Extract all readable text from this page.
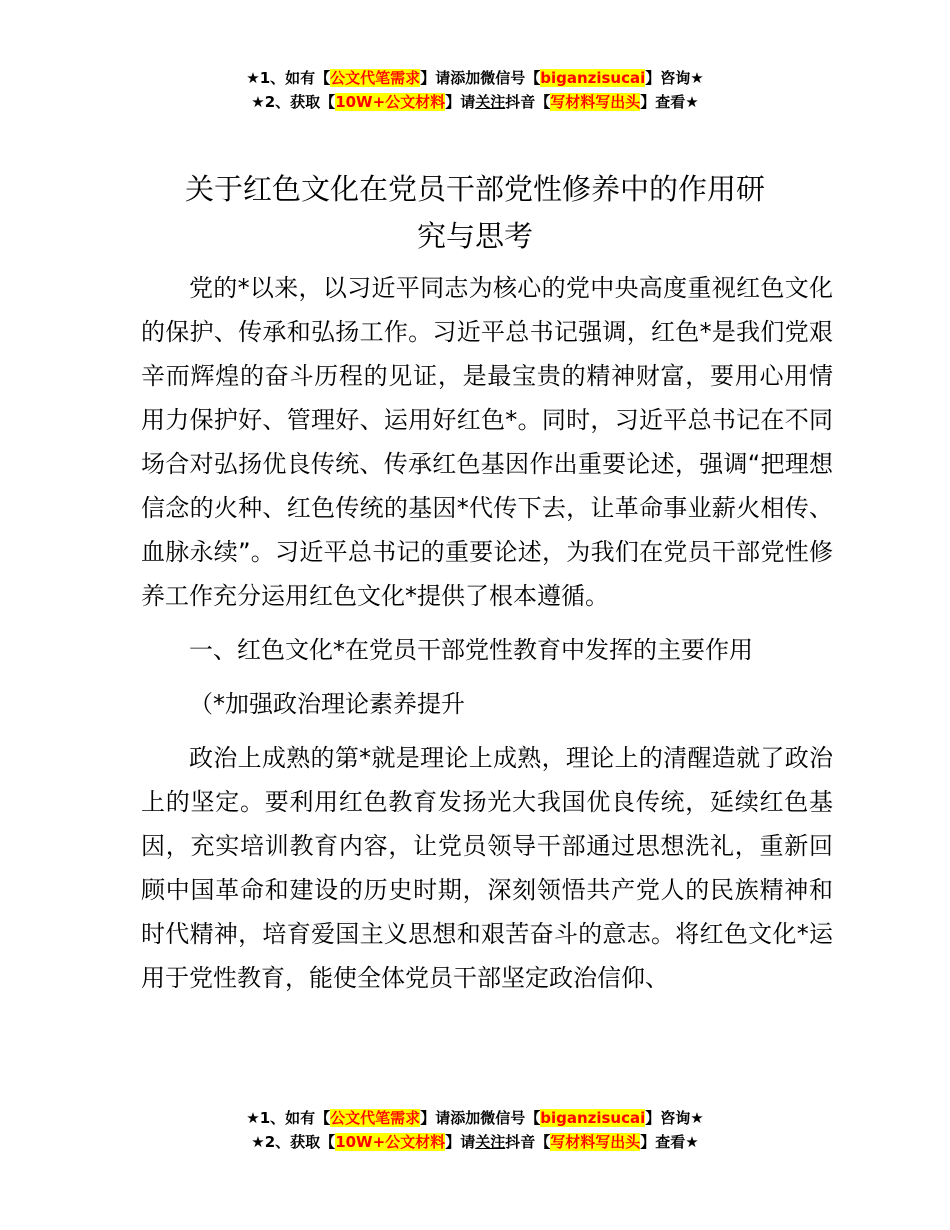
★1、如有【公文代笔需求】请添加微信号【biganzisucai】咨询★
★2、获取【10W+公文材料】请关注抖音【写材料写出头】查看★
关于红色文化在党员干部党性修养中的作用研
究与思考

党的*以来，以习近平同志为核心的党中央高度重视红色文化的保护、传承和弘扬工作。习近平总书记强调，红色*是我们党艰辛而辉煌的奋斗历程的见证，是最宝贵的精神财富，要用心用情用力保护好、管理好、运用好红色*。同时，习近平总书记在不同场合对弘扬优良传统、传承红色基因作出重要论述，强调“把理想信念的火种、红色传统的基因*代传下去，让革命事业薪火相传、血脉永续”。习近平总书记的重要论述，为我们在党员干部党性修养工作充分运用红色文化*提供了根本遵循。

一、红色文化*在党员干部党性教育中发挥的主要作用

（*加强政治理论素养提升

政治上成熟的第*就是理论上成熟，理论上的清醒造就了政治上的坚定。要利用红色教育发扬光大我国优良传统，延续红色基因，充实培训教育内容，让党员领导干部通过思想洗礼，重新回顾中国革命和建设的历史时期，深刻领悟共产党人的民族精神和时代精神，培育爱国主义思想和艰苦奋斗的意志。将红色文化*运用于党性教育，能使全体党员干部坚定政治信仰、

★1、如有【公文代笔需求】请添加微信号【biganzisucai】咨询★
★2、获取【10W+公文材料】请关注抖音【写材料写出头】查看★
